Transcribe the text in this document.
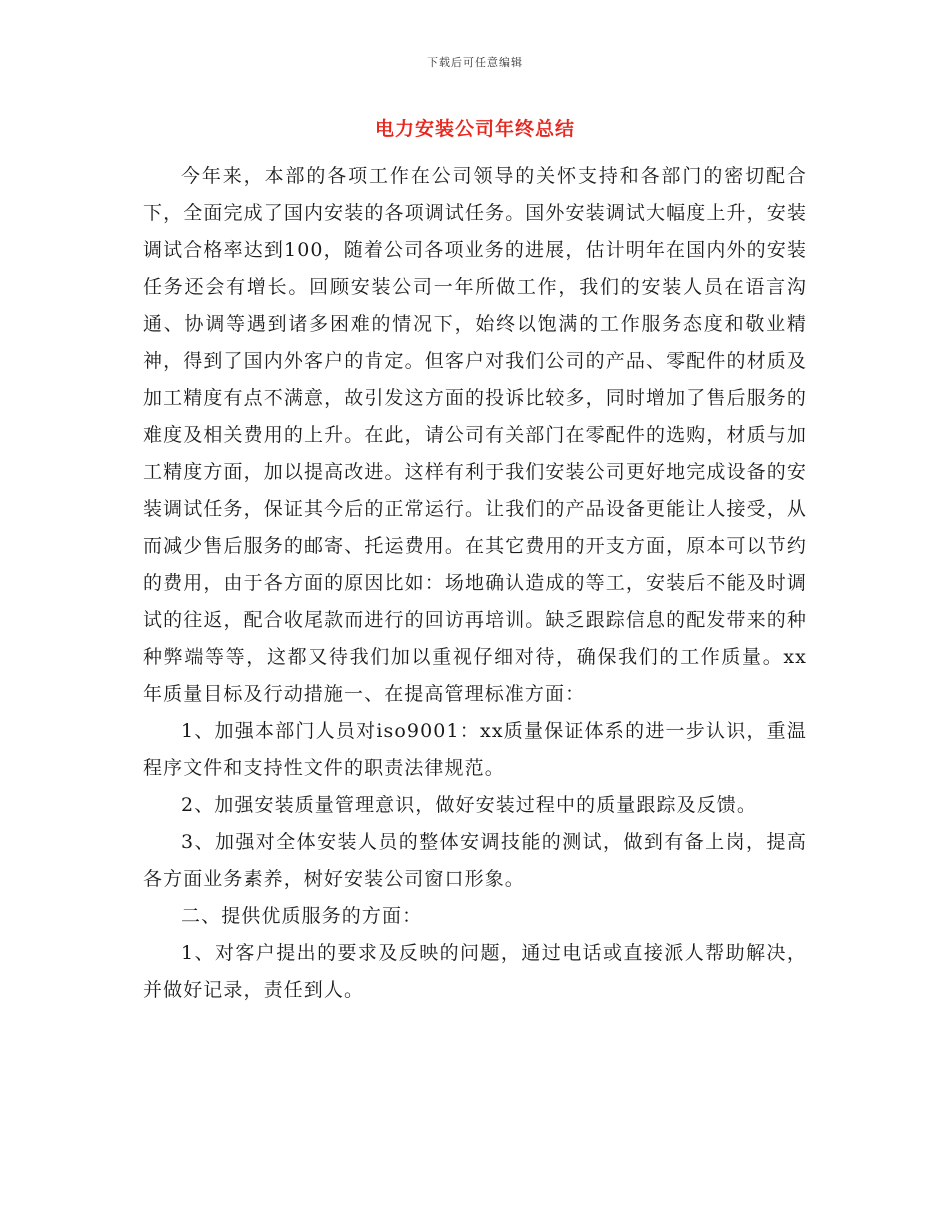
下载后可任意编辑
电力安装公司年终总结

今年来，本部的各项工作在公司领导的关怀支持和各部门的密切配合下，全面完成了国内安装的各项调试任务。国外安装调试大幅度上升，安装调试合格率达到100，随着公司各项业务的进展，估计明年在国内外的安装任务还会有增长。回顾安装公司一年所做工作，我们的安装人员在语言沟通、协调等遇到诸多困难的情况下，始终以饱满的工作服务态度和敬业精神，得到了国内外客户的肯定。但客户对我们公司的产品、零配件的材质及加工精度有点不满意，故引发这方面的投诉比较多，同时增加了售后服务的难度及相关费用的上升。在此，请公司有关部门在零配件的选购，材质与加工精度方面，加以提高改进。这样有利于我们安装公司更好地完成设备的安装调试任务，保证其今后的正常运行。让我们的产品设备更能让人接受，从而减少售后服务的邮寄、托运费用。在其它费用的开支方面，原本可以节约的费用，由于各方面的原因比如：场地确认造成的等工，安装后不能及时调试的往返，配合收尾款而进行的回访再培训。缺乏跟踪信息的配发带来的种种弊端等等，这都又待我们加以重视仔细对待，确保我们的工作质量。xx年质量目标及行动措施一、在提高管理标准方面：

1、加强本部门人员对iso9001：xx质量保证体系的进一步认识，重温程序文件和支持性文件的职责法律规范。

2、加强安装质量管理意识，做好安装过程中的质量跟踪及反馈。

3、加强对全体安装人员的整体安调技能的测试，做到有备上岗，提高各方面业务素养，树好安装公司窗口形象。

二、提供优质服务的方面：

1、对客户提出的要求及反映的问题，通过电话或直接派人帮助解决，并做好记录，责任到人。
